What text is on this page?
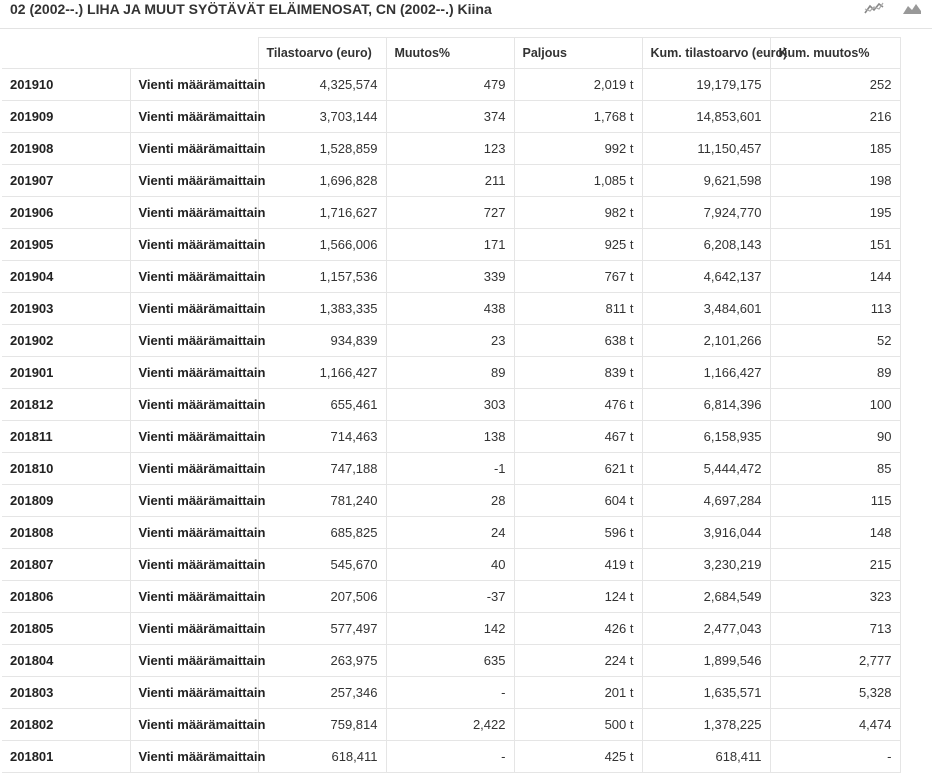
02 (2002--.) LIHA JA MUUT SYÖTÄVÄT ELÄIMENOSAT, CN (2002--.) Kiina
		Tilastoarvo (euro)	Muutos%	Paljous	Kum. tilastoarvo (euro)	Kum. muutos%
201910	Vienti määrämaittain	4,325,574	479	2,019 t	19,179,175	252
201909	Vienti määrämaittain	3,703,144	374	1,768 t	14,853,601	216
201908	Vienti määrämaittain	1,528,859	123	992 t	11,150,457	185
201907	Vienti määrämaittain	1,696,828	211	1,085 t	9,621,598	198
201906	Vienti määrämaittain	1,716,627	727	982 t	7,924,770	195
201905	Vienti määrämaittain	1,566,006	171	925 t	6,208,143	151
201904	Vienti määrämaittain	1,157,536	339	767 t	4,642,137	144
201903	Vienti määrämaittain	1,383,335	438	811 t	3,484,601	113
201902	Vienti määrämaittain	934,839	23	638 t	2,101,266	52
201901	Vienti määrämaittain	1,166,427	89	839 t	1,166,427	89
201812	Vienti määrämaittain	655,461	303	476 t	6,814,396	100
201811	Vienti määrämaittain	714,463	138	467 t	6,158,935	90
201810	Vienti määrämaittain	747,188	-1	621 t	5,444,472	85
201809	Vienti määrämaittain	781,240	28	604 t	4,697,284	115
201808	Vienti määrämaittain	685,825	24	596 t	3,916,044	148
201807	Vienti määrämaittain	545,670	40	419 t	3,230,219	215
201806	Vienti määrämaittain	207,506	-37	124 t	2,684,549	323
201805	Vienti määrämaittain	577,497	142	426 t	2,477,043	713
201804	Vienti määrämaittain	263,975	635	224 t	1,899,546	2,777
201803	Vienti määrämaittain	257,346	-	201 t	1,635,571	5,328
201802	Vienti määrämaittain	759,814	2,422	500 t	1,378,225	4,474
201801	Vienti määrämaittain	618,411	-	425 t	618,411	-
